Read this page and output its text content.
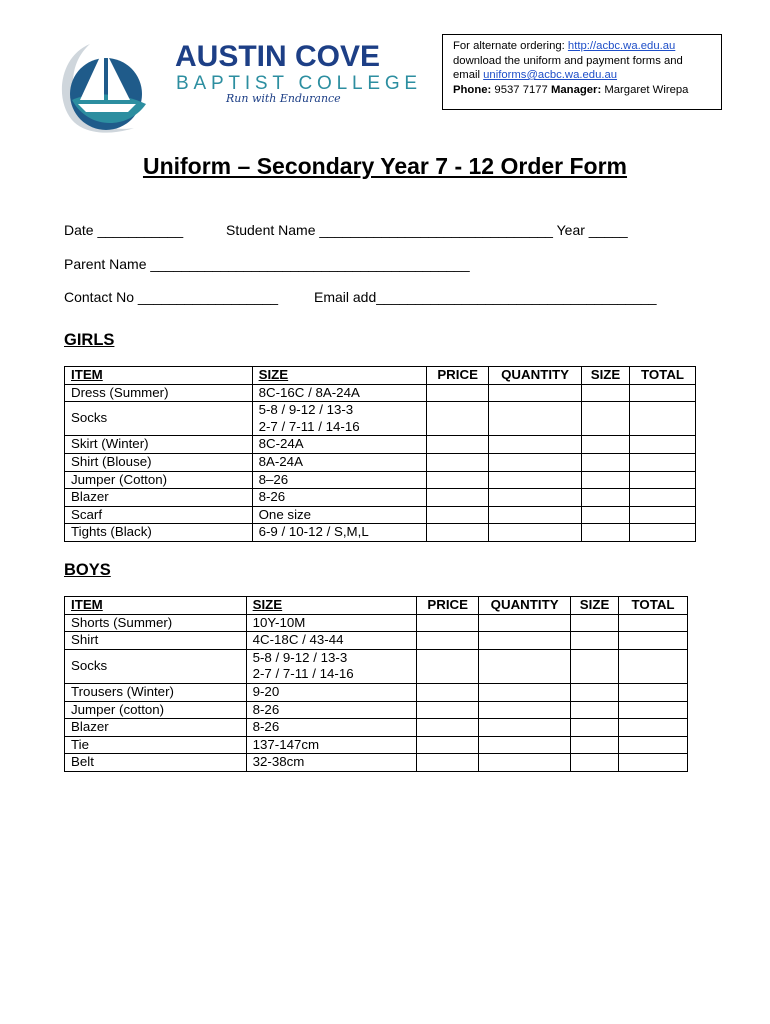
AUSTIN COVE
BAPTIST COLLEGE
Run with Endurance
For alternate ordering: http://acbc.wa.edu.au
download the uniform and payment forms and
email uniforms@acbc.wa.edu.au
Phone: 9537 7177 Manager: Margaret Wirepa
Uniform – Secondary Year 7 - 12 Order Form
Date ___________	Student Name ______________________________ Year _____
Parent Name _________________________________________
Contact No __________________	Email add____________________________________
GIRLS
ITEM	SIZE	PRICE	QUANTITY	SIZE	TOTAL
Dress (Summer)	8C-16C / 8A-24A				

Socks	5-8 / 9-12 / 13-3
2-7 / 7-11 / 14-16				

Skirt (Winter)	8C-24A				

Shirt (Blouse)	8A-24A				

Jumper (Cotton)	8–26				

Blazer	8-26				

Scarf	One size				

Tights (Black)	6-9 / 10-12 / S,M,L				

BOYS
ITEM	SIZE	PRICE	QUANTITY	SIZE	TOTAL
Shorts (Summer)	10Y-10M				

Shirt	4C-18C / 43-44				

Socks	5-8 / 9-12 / 13-3
2-7 / 7-11 / 14-16				

Trousers (Winter)	9-20				

Jumper (cotton)	8-26				

Blazer	8-26				

Tie	137-147cm				

Belt	32-38cm				
